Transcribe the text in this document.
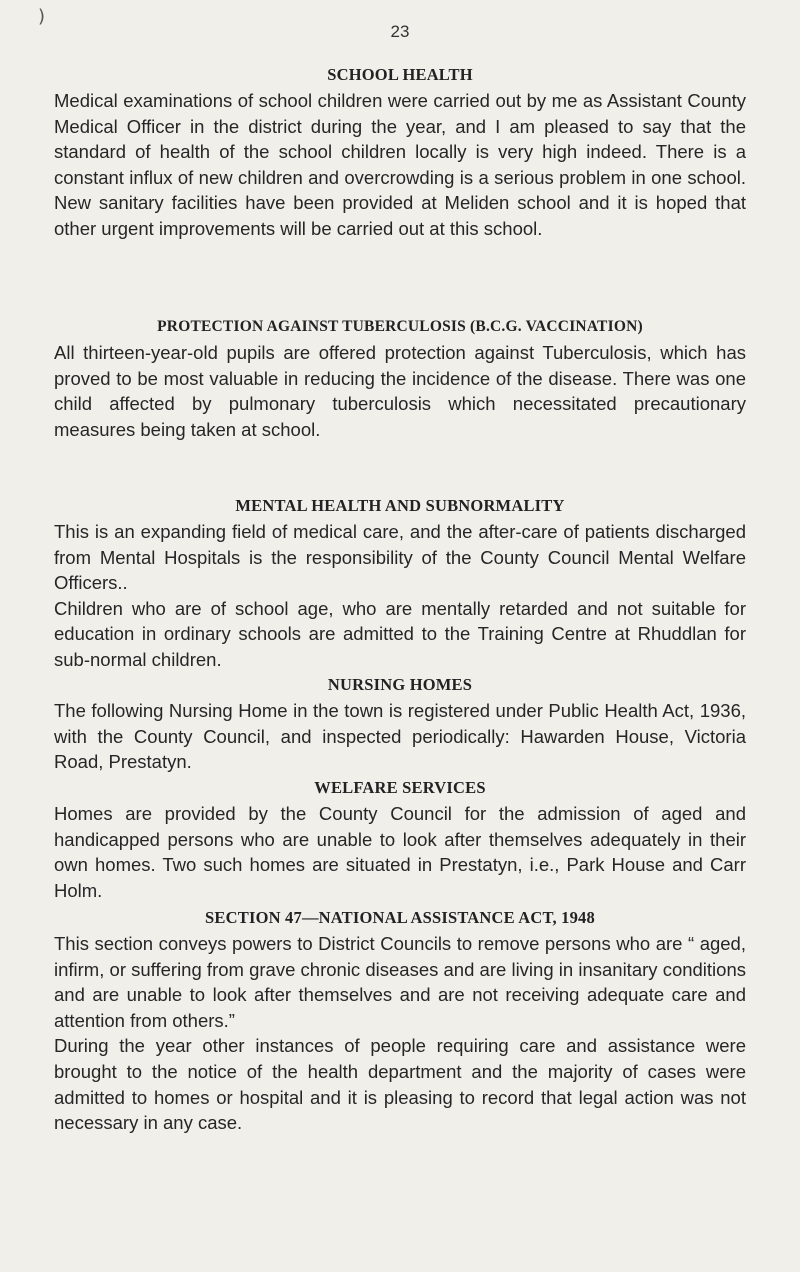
)
23
SCHOOL HEALTH

Medical examinations of school children were carried out by me as Assistant County Medical Officer in the district during the year, and I am pleased to say that the standard of health of the school children locally is very high indeed. There is a constant influx of new children and overcrowding is a serious problem in one school. New sanitary facilities have been provided at Meliden school and it is hoped that other urgent improvements will be carried out at this school.

PROTECTION AGAINST TUBERCULOSIS (B.C.G. VACCINATION)

All thirteen-year-old pupils are offered protection against Tuberculosis, which has proved to be most valuable in reducing the incidence of the disease. There was one child affected by pulmonary tuberculosis which necessitated precautionary measures being taken at school.

MENTAL HEALTH AND SUBNORMALITY

This is an expanding field of medical care, and the after-care of patients discharged from Mental Hospitals is the responsibility of the County Council Mental Welfare Officers..

Children who are of school age, who are mentally retarded and not suitable for education in ordinary schools are admitted to the Training Centre at Rhuddlan for sub-normal children.

NURSING HOMES

The following Nursing Home in the town is registered under Public Health Act, 1936, with the County Council, and inspected periodically: Hawarden House, Victoria Road, Prestatyn.

WELFARE SERVICES

Homes are provided by the County Council for the admission of aged and handicapped persons who are unable to look after themselves adequately in their own homes. Two such homes are situated in Prestatyn, i.e., Park House and Carr Holm.

SECTION 47—NATIONAL ASSISTANCE ACT, 1948

This section conveys powers to District Councils to remove persons who are “ aged, infirm, or suffering from grave chronic diseases and are living in insanitary conditions and are unable to look after themselves and are not receiving adequate care and attention from others.”

During the year other instances of people requiring care and assistance were brought to the notice of the health department and the majority of cases were admitted to homes or hospital and it is pleasing to record that legal action was not necessary in any case.
